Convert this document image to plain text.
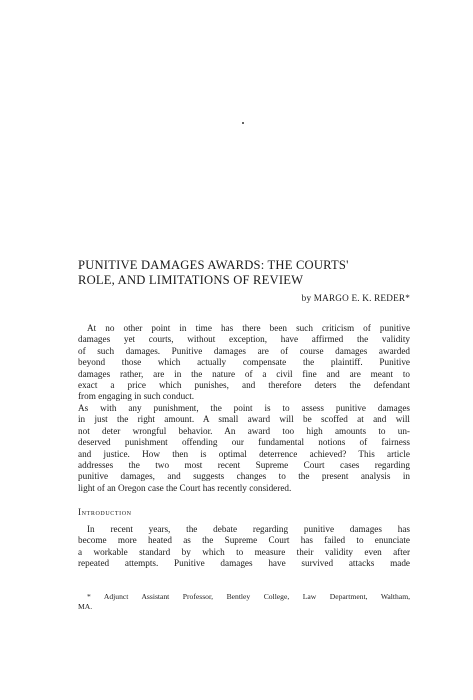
PUNITIVE DAMAGES AWARDS: THE COURTS'
ROLE, AND LIMITATIONS OF REVIEW
by MARGO E. K. REDER*
At no other point in time has there been such criticism of punitive
damages yet courts, without exception, have affirmed the validity
of such damages. Punitive damages are of course damages awarded
beyond those which actually compensate the plaintiff. Punitive
damages rather, are in the nature of a civil fine and are meant to
exact a price which punishes, and therefore deters the defendant
from engaging in such conduct.
As with any punishment, the point is to assess punitive damages
in just the right amount. A small award will be scoffed at and will
not deter wrongful behavior. An award too high amounts to un-
deserved punishment offending our fundamental notions of fairness
and justice. How then is optimal deterrence achieved? This article
addresses the two most recent Supreme Court cases regarding
punitive damages, and suggests changes to the present analysis in
light of an Oregon case the Court has recently considered.
Introduction
In recent years, the debate regarding punitive damages has
become more heated as the Supreme Court has failed to enunciate
a workable standard by which to measure their validity even after
repeated attempts. Punitive damages have survived attacks made
* Adjunct Assistant Professor, Bentley College, Law Department, Waltham,
MA.
